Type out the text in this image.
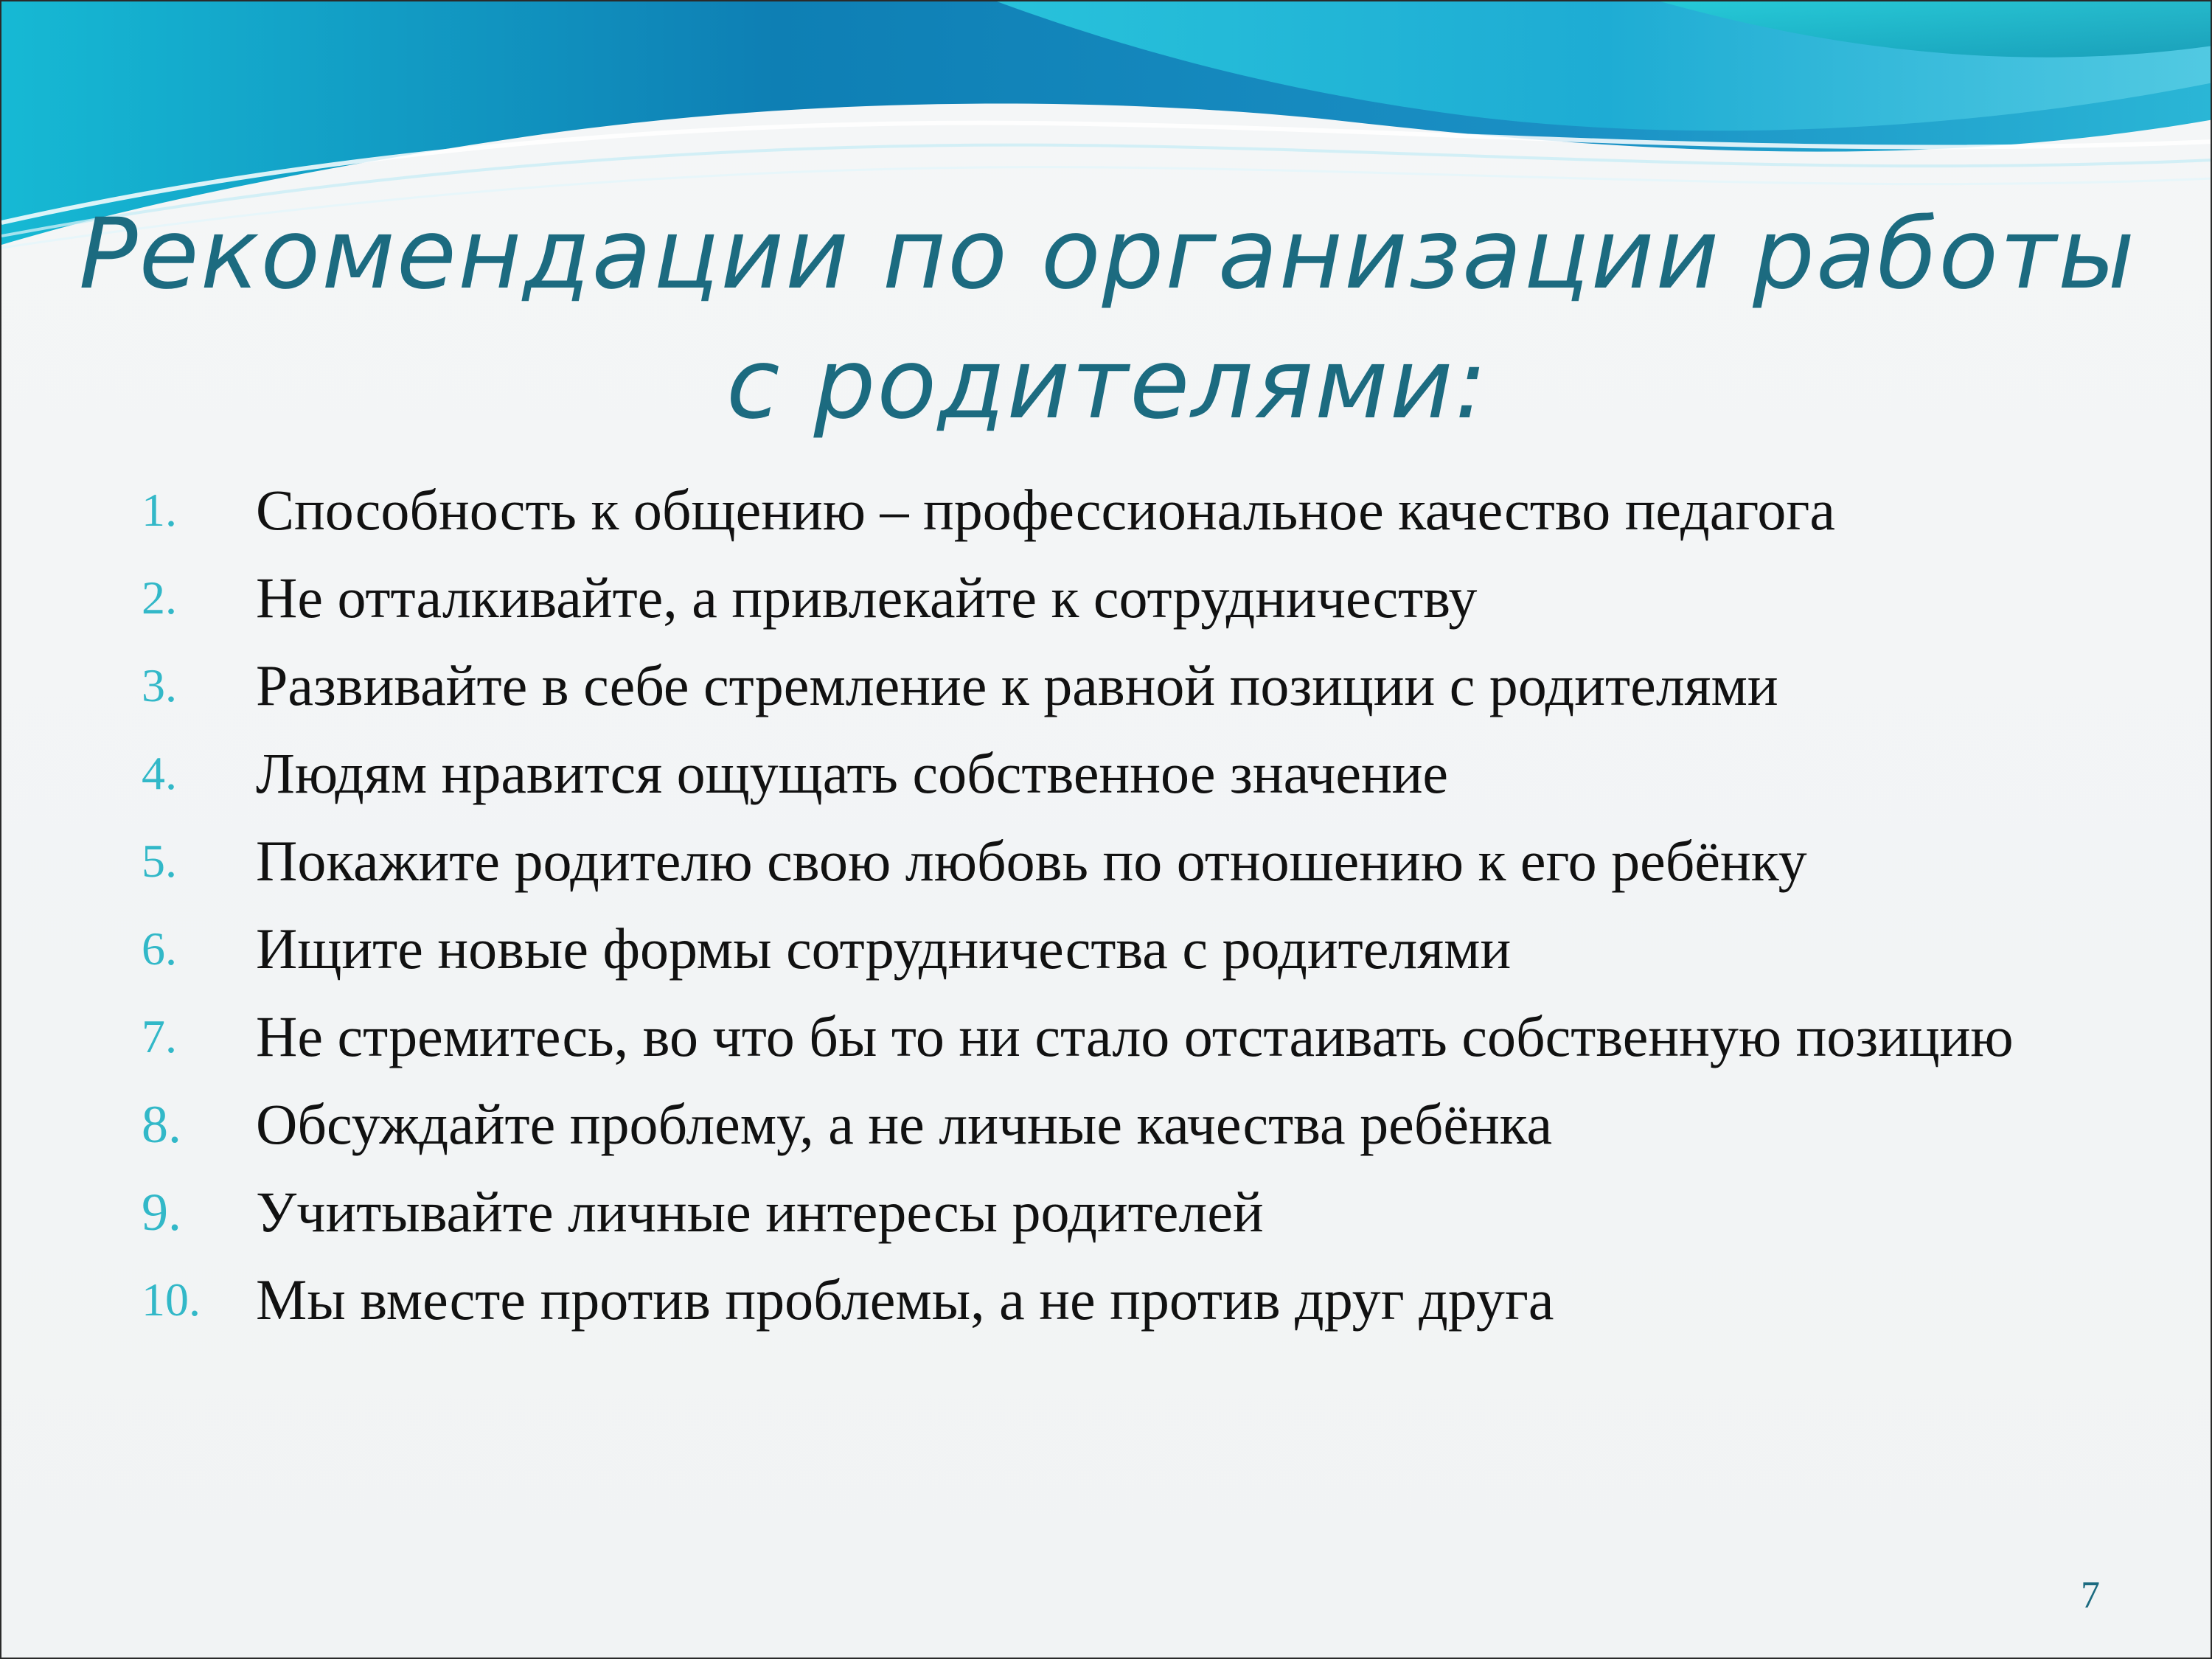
Рекомендации по организации работы с родителями:
1.	Способность к общению – профессиональное качество педагога
2.	Не отталкивайте, а привлекайте к сотрудничеству
3.	Развивайте в себе стремление к равной позиции с родителями
4.	Людям нравится ощущать собственное значение
5.	Покажите родителю свою любовь по отношению к его ребёнку
6.	Ищите новые формы сотрудничества с родителями
7.	Не стремитесь, во что бы то ни стало отстаивать собственную позицию
8.	Обсуждайте проблему, а не личные качества ребёнка
9.	Учитывайте личные интересы родителей
10. Мы вместе против проблемы, а не против друг друга
7
